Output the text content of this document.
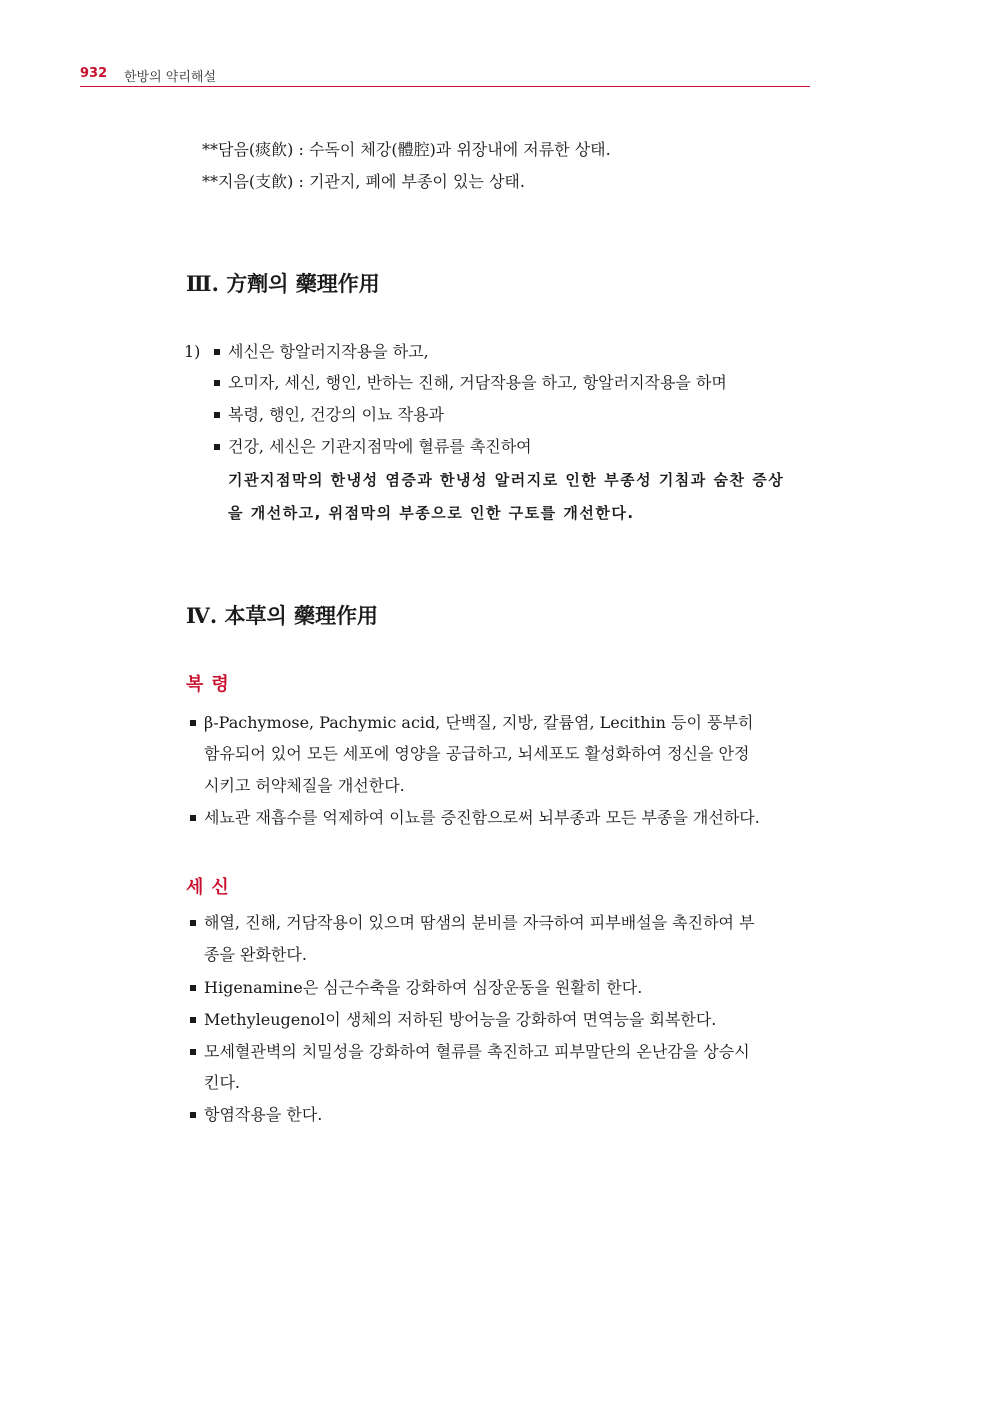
932 한방의 약리해설
**담음(痰飮) : 수독이 체강(體腔)과 위장내에 저류한 상태.
**지음(支飮) : 기관지, 폐에 부종이 있는 상태.
Ⅲ. 方劑의 藥理作用
1)	세신은 항알러지작용을 하고,
오미자, 세신, 행인, 반하는 진해, 거담작용을 하고, 항알러지작용을 하며
복령, 행인, 건강의 이뇨 작용과
건강, 세신은 기관지점막에 혈류를 촉진하여
기관지점막의 한냉성 염증과 한냉성 알러지로 인한 부종성 기침과 숨찬 증상
을 개선하고, 위점막의 부종으로 인한 구토를 개선한다.
Ⅳ. 本草의 藥理作用
복령
β-Pachymose, Pachymic acid, 단백질, 지방, 칼륨염, Lecithin 등이 풍부히
함유되어 있어 모든 세포에 영양을 공급하고, 뇌세포도 활성화하여 정신을 안정
시키고 허약체질을 개선한다.
세뇨관 재흡수를 억제하여 이뇨를 증진함으로써 뇌부종과 모든 부종을 개선하다.
세신
해열, 진해, 거담작용이 있으며 땀샘의 분비를 자극하여 피부배설을 촉진하여 부
종을 완화한다.
Higenamine은 심근수축을 강화하여 심장운동을 원활히 한다.
Methyleugenol이 생체의 저하된 방어능을 강화하여 면역능을 회복한다.
모세혈관벽의 치밀성을 강화하여 혈류를 촉진하고 피부말단의 온난감을 상승시
킨다.
항염작용을 한다.
